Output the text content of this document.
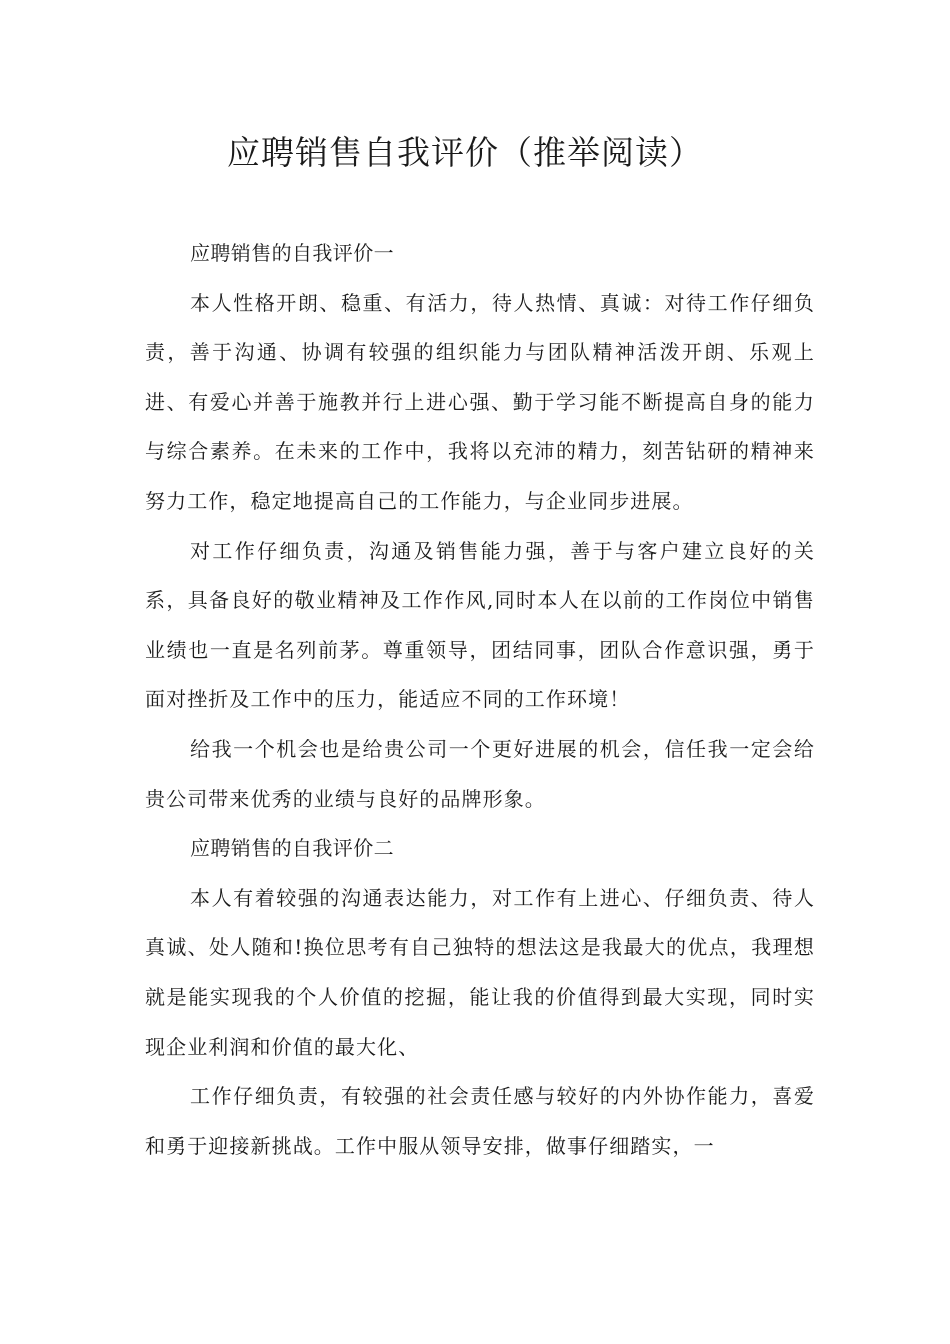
应聘销售自我评价（推举阅读）

应聘销售的自我评价一

本人性格开朗、稳重、有活力，待人热情、真诚：对待工作仔细负责，善于沟通、协调有较强的组织能力与团队精神活泼开朗、乐观上进、有爱心并善于施教并行上进心强、勤于学习能不断提高自身的能力与综合素养。在未来的工作中，我将以充沛的精力，刻苦钻研的精神来努力工作，稳定地提高自己的工作能力，与企业同步进展。

对工作仔细负责，沟通及销售能力强，善于与客户建立良好的关系，具备良好的敬业精神及工作作风,同时本人在以前的工作岗位中销售业绩也一直是名列前茅。尊重领导，团结同事，团队合作意识强，勇于面对挫折及工作中的压力，能适应不同的工作环境！

给我一个机会也是给贵公司一个更好进展的机会，信任我一定会给贵公司带来优秀的业绩与良好的品牌形象。

应聘销售的自我评价二

本人有着较强的沟通表达能力，对工作有上进心、仔细负责、待人真诚、处人随和!换位思考有自己独特的想法这是我最大的优点，我理想就是能实现我的个人价值的挖掘，能让我的价值得到最大实现，同时实现企业利润和价值的最大化、

工作仔细负责，有较强的社会责任感与较好的内外协作能力，喜爱和勇于迎接新挑战。工作中服从领导安排，做事仔细踏实，一
